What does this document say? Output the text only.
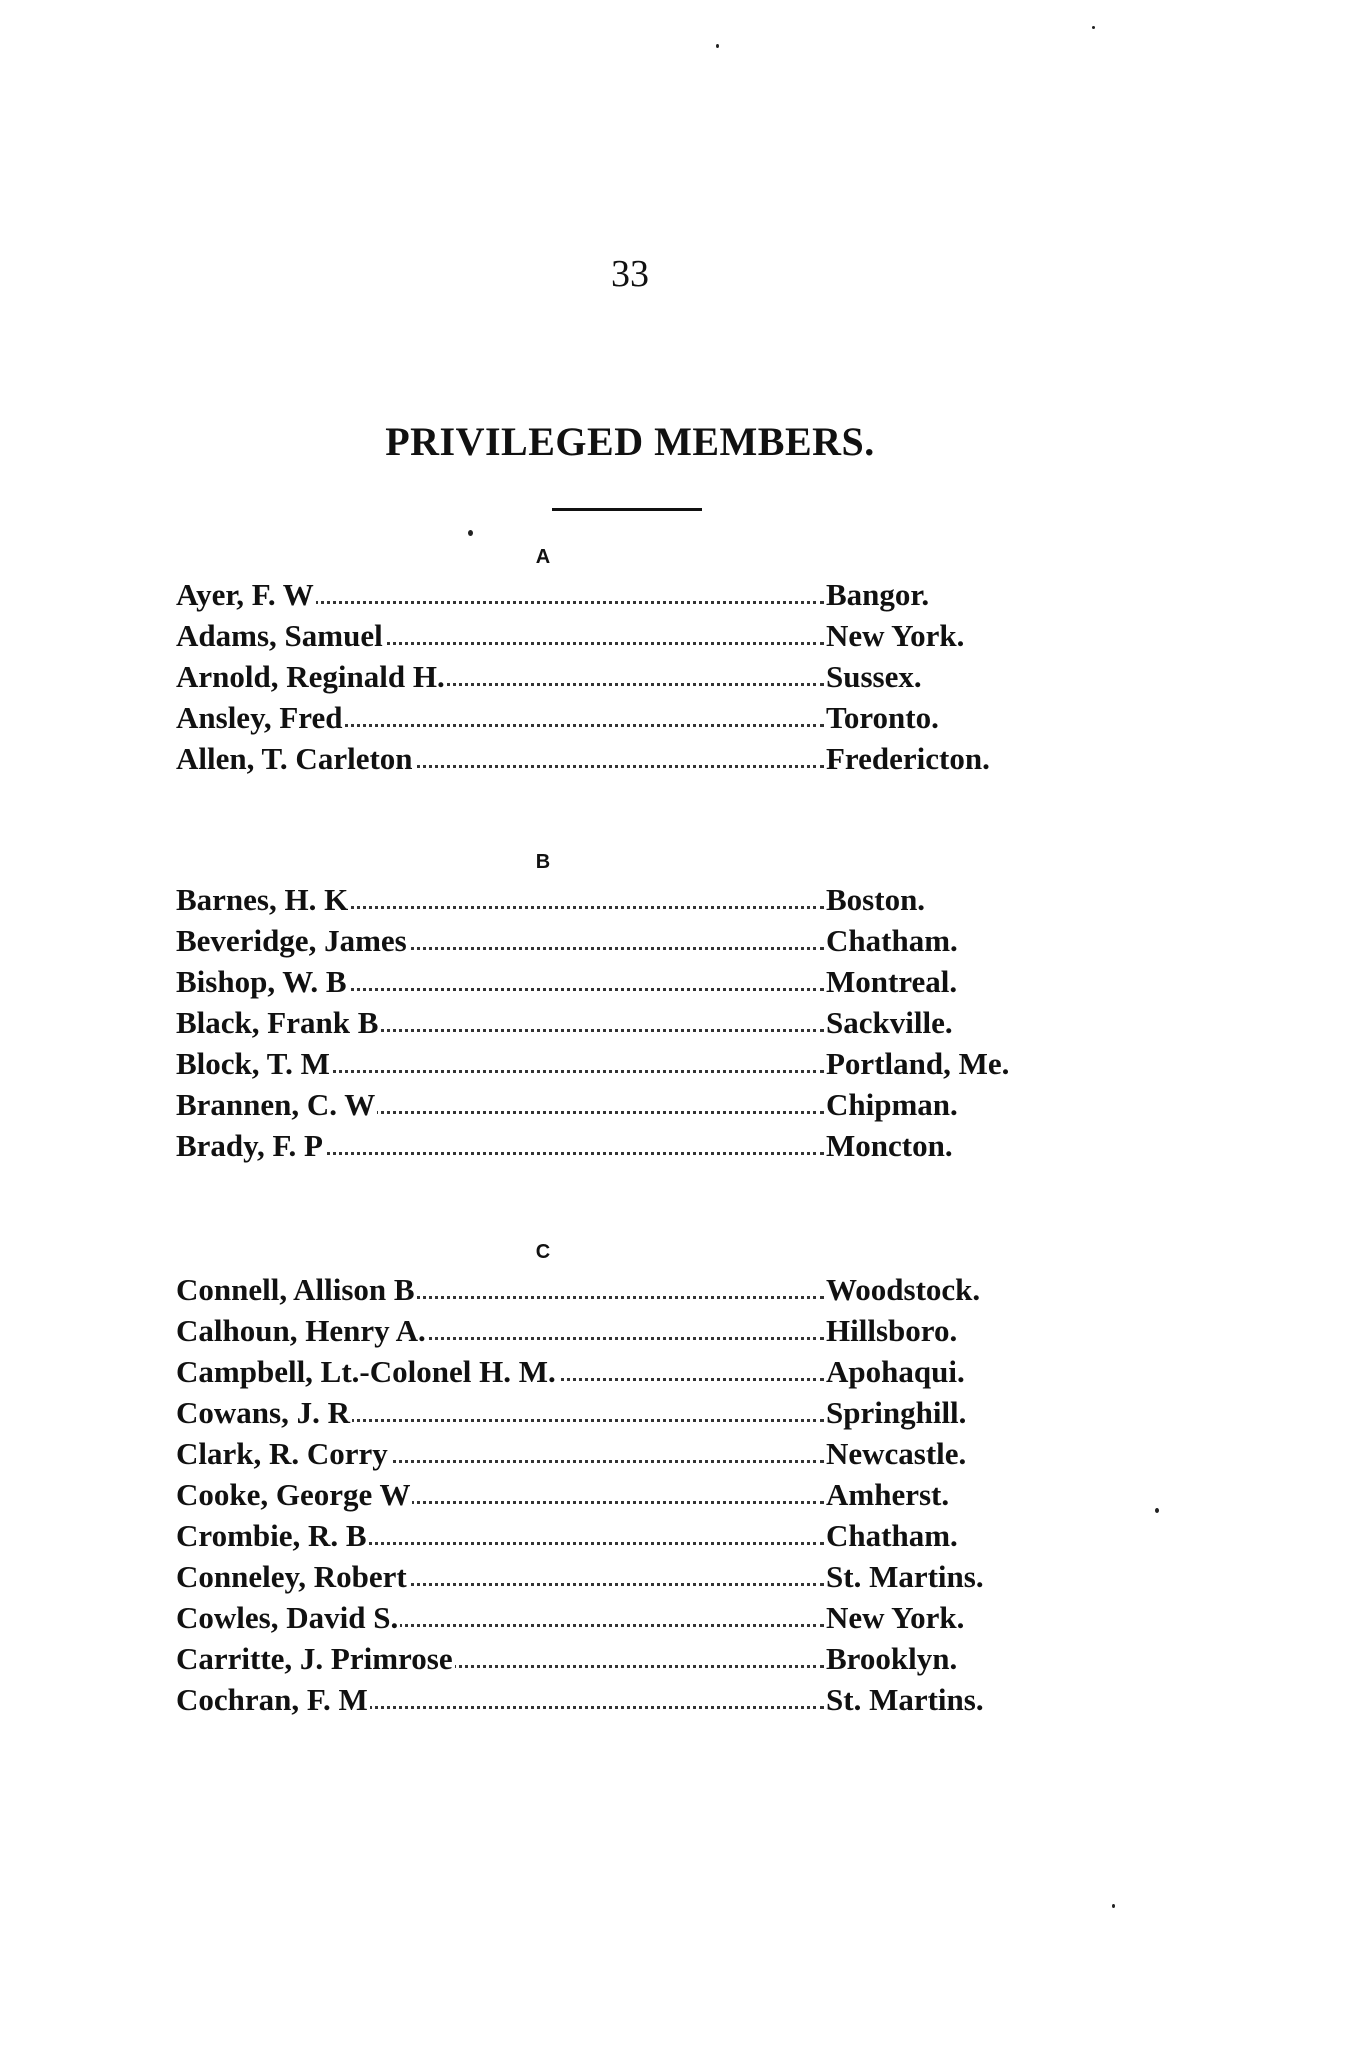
33
PRIVILEGED MEMBERS.
A
Ayer, F. W	Bangor.
Adams, Samuel	New York.
Arnold, Reginald H.	Sussex.
Ansley, Fred	Toronto.
Allen, T. Carleton	Fredericton.
B
Barnes, H. K	Boston.
Beveridge, James	Chatham.
Bishop, W. B	Montreal.
Black, Frank B	Sackville.
Block, T. M	Portland, Me.
Brannen, C. W	Chipman.
Brady, F. P	Moncton.
C
Connell, Allison B	Woodstock.
Calhoun, Henry A.	Hillsboro.
Campbell, Lt.-Colonel H. M.	Apohaqui.
Cowans, J. R	Springhill.
Clark, R. Corry	Newcastle.
Cooke, George W	Amherst.
Crombie, R. B	Chatham.
Conneley, Robert	St. Martins.
Cowles, David S.	New York.
Carritte, J. Primrose	Brooklyn.
Cochran, F. M	St. Martins.
